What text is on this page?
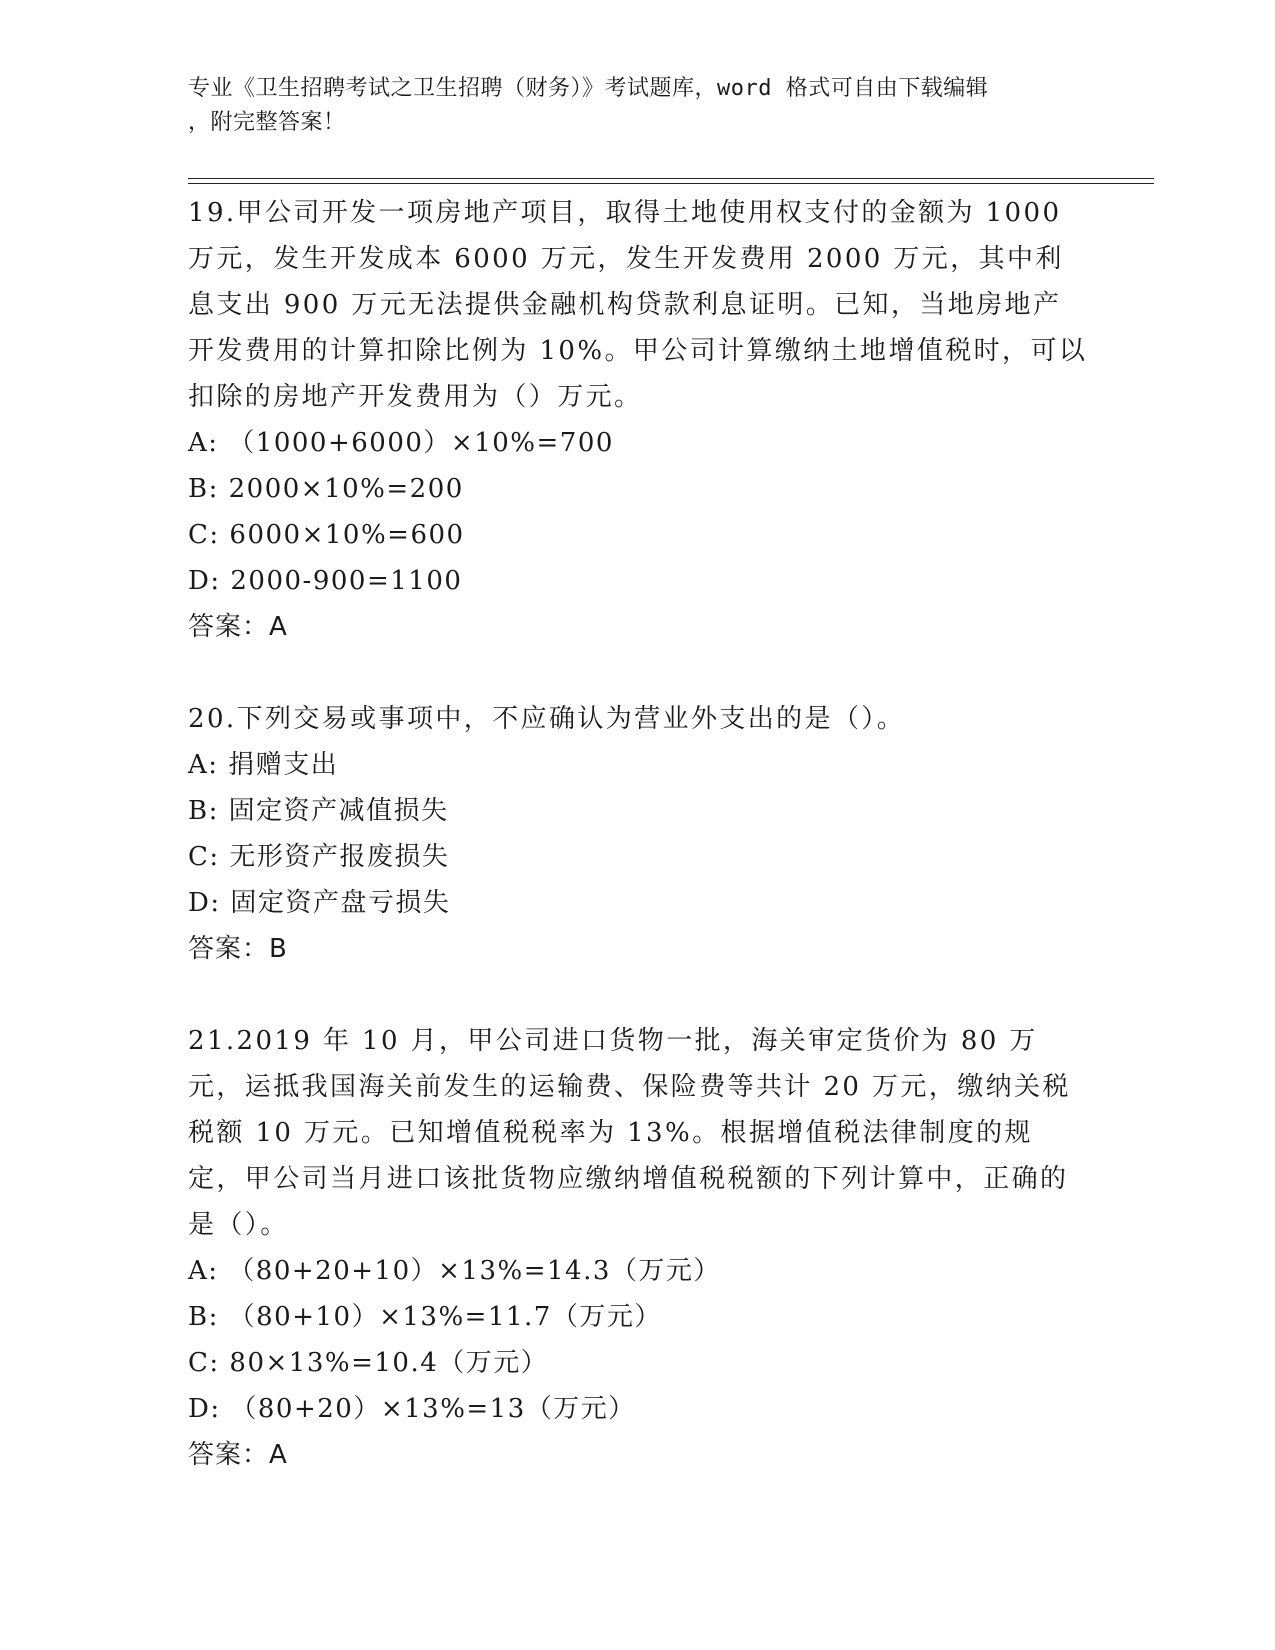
专业《卫生招聘考试之卫生招聘（财务）》考试题库，word 格式可自由下载编辑
，附完整答案！

19.甲公司开发一项房地产项目，取得土地使用权支付的金额为 1000 万元，发生开发成本 6000 万元，发生开发费用 2000 万元，其中利息支出 900 万元无法提供金融机构贷款利息证明。已知，当地房地产开发费用的计算扣除比例为 10%。甲公司计算缴纳土地增值税时，可以扣除的房地产开发费用为（）万元。

A: （1000+6000）×10%=700

B: 2000×10%=200

C: 6000×10%=600

D: 2000-900=1100

答案：A

20.下列交易或事项中，不应确认为营业外支出的是（）。

A: 捐赠支出

B: 固定资产减值损失

C: 无形资产报废损失

D: 固定资产盘亏损失

答案：B

21.2019 年 10 月，甲公司进口货物一批，海关审定货价为 80 万元，运抵我国海关前发生的运输费、保险费等共计 20 万元，缴纳关税税额 10 万元。已知增值税税率为 13%。根据增值税法律制度的规定，甲公司当月进口该批货物应缴纳增值税税额的下列计算中，正确的是（）。

A: （80+20+10）×13%=14.3（万元）

B: （80+10）×13%=11.7（万元）

C: 80×13%=10.4（万元）

D: （80+20）×13%=13（万元）

答案：A
